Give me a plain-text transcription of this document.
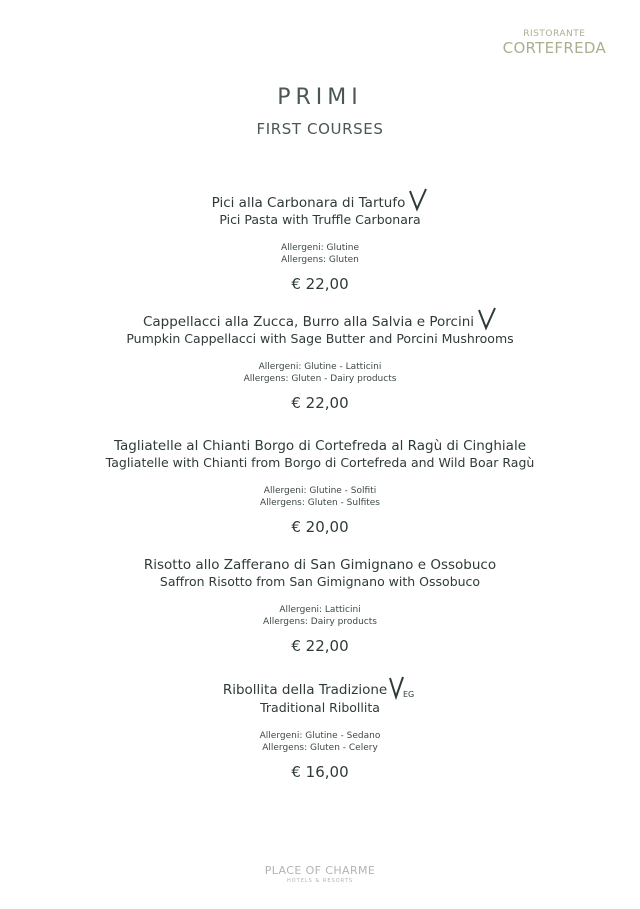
RISTORANTE
CORTEFREDA
PRIMI
FIRST COURSES
Pici alla Carbonara di Tartufo
Pici Pasta with Truffle Carbonara
Allergeni: Glutine
Allergens: Gluten
€ 22,00
Cappellacci alla Zucca, Burro alla Salvia e Porcini
Pumpkin Cappellacci with Sage Butter and Porcini Mushrooms
Allergeni: Glutine - Latticini
Allergens: Gluten - Dairy products
€ 22,00
Tagliatelle al Chianti Borgo di Cortefreda al Ragù di Cinghiale
Tagliatelle with Chianti from Borgo di Cortefreda and Wild Boar Ragù
Allergeni: Glutine - Solfiti
Allergens: Gluten - Sulfites
€ 20,00
Risotto allo Zafferano di San Gimignano e Ossobuco
Saffron Risotto from San Gimignano with Ossobuco
Allergeni: Latticini
Allergens: Dairy products
€ 22,00
Ribollita della Tradizione EG
Traditional Ribollita
Allergeni: Glutine - Sedano
Allergens: Gluten - Celery
€ 16,00
PLACE OF CHARME
HOTELS & RESORTS
